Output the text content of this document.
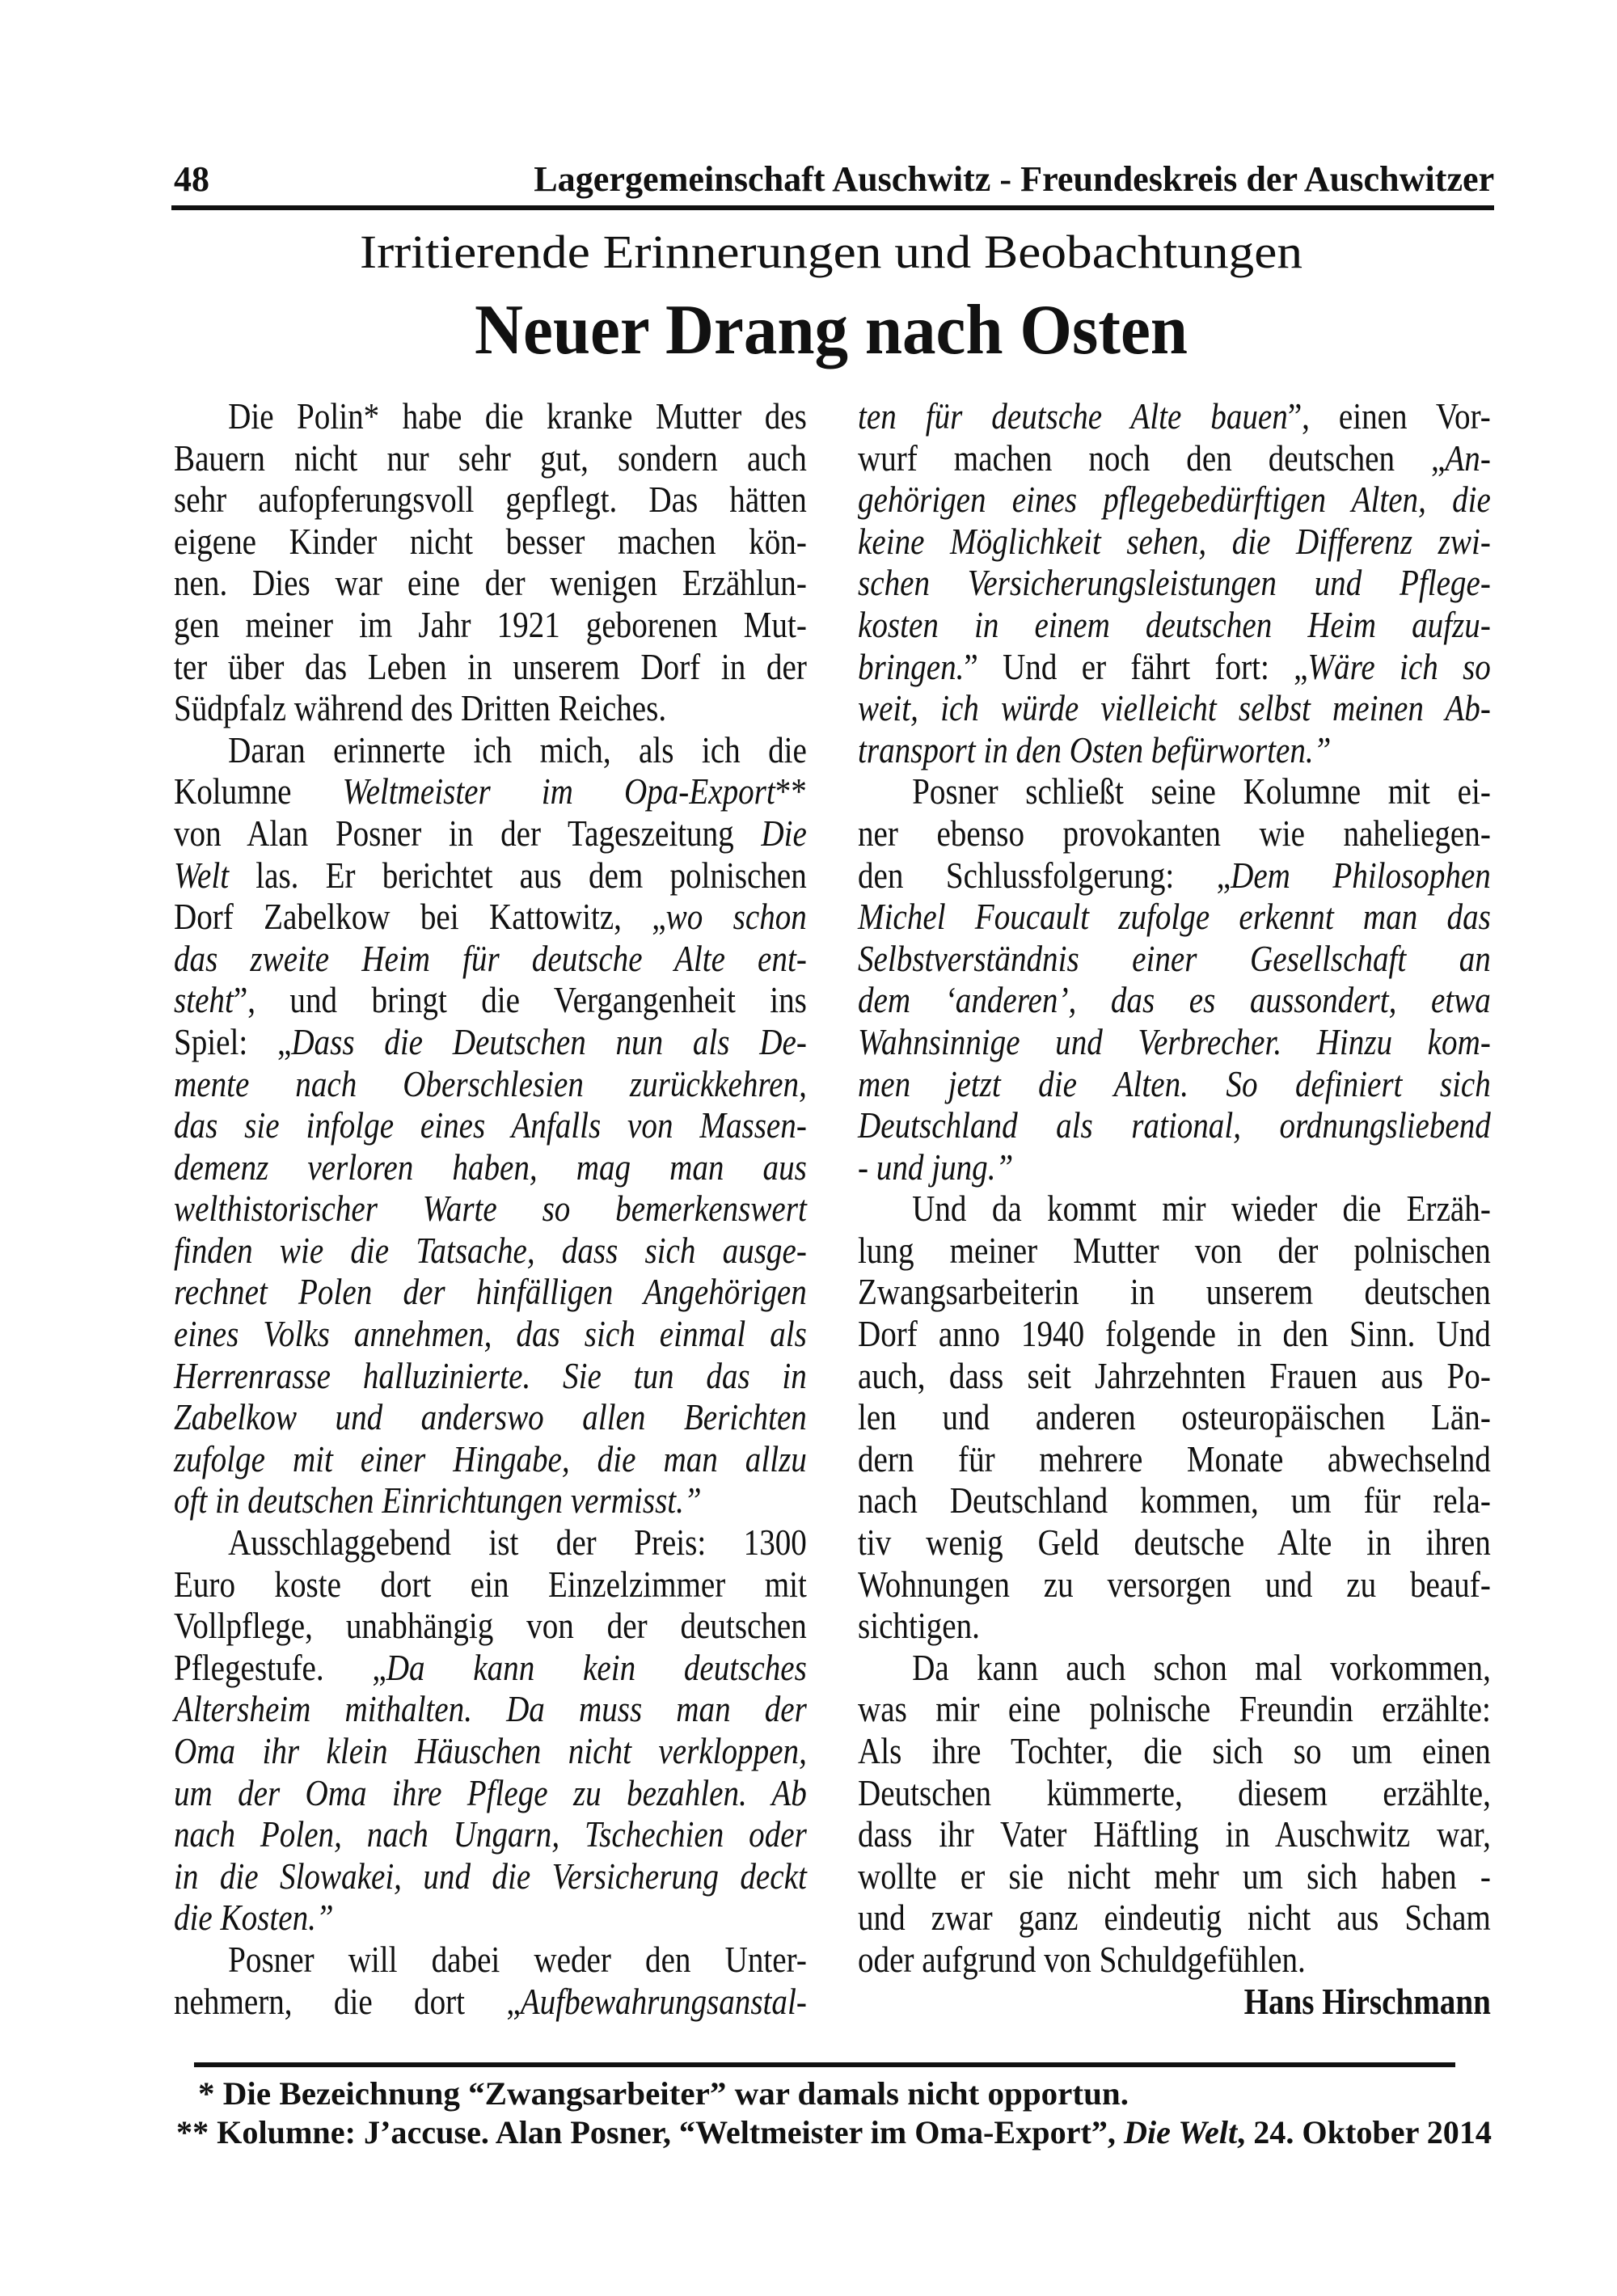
48	Lagergemeinschaft Auschwitz - Freundeskreis der Auschwitzer
Irritierende Erinnerungen und Beobachtungen
Neuer Drang nach Osten
Die Polin* habe die kranke Mutter des
Bauern nicht nur sehr gut, sondern auch
sehr aufopferungsvoll gepflegt. Das hätten
eigene Kinder nicht besser machen kön-
nen. Dies war eine der wenigen Erzählun-
gen meiner im Jahr 1921 geborenen Mut-
ter über das Leben in unserem Dorf in der
Südpfalz während des Dritten Reiches.
Daran erinnerte ich mich, als ich die
Kolumne Weltmeister im Opa-Export**
von Alan Posner in der Tageszeitung Die
Welt las. Er berichtet aus dem polnischen
Dorf Zabelkow bei Kattowitz, „wo schon
das zweite Heim für deutsche Alte ent-
steht”, und bringt die Vergangenheit ins
Spiel: „Dass die Deutschen nun als De-
mente nach Oberschlesien zurückkehren,
das sie infolge eines Anfalls von Massen-
demenz verloren haben, mag man aus
welthistorischer Warte so bemerkenswert
finden wie die Tatsache, dass sich ausge-
rechnet Polen der hinfälligen Angehörigen
eines Volks annehmen, das sich einmal als
Herrenrasse halluzinierte. Sie tun das in
Zabelkow und anderswo allen Berichten
zufolge mit einer Hingabe, die man allzu
oft in deutschen Einrichtungen vermisst.”
Ausschlaggebend ist der Preis: 1300
Euro koste dort ein Einzelzimmer mit
Vollpflege, unabhängig von der deutschen
Pflegestufe. „Da kann kein deutsches
Altersheim mithalten. Da muss man der
Oma ihr klein Häuschen nicht verkloppen,
um der Oma ihre Pflege zu bezahlen. Ab
nach Polen, nach Ungarn, Tschechien oder
in die Slowakei, und die Versicherung deckt
die Kosten.”
Posner will dabei weder den Unter-
nehmern, die dort „Aufbewahrungsanstal-
ten für deutsche Alte bauen”, einen Vor-
wurf machen noch den deutschen „An-
gehörigen eines pflegebedürftigen Alten, die
keine Möglichkeit sehen, die Differenz zwi-
schen Versicherungsleistungen und Pflege-
kosten in einem deutschen Heim aufzu-
bringen.” Und er fährt fort: „Wäre ich so
weit, ich würde vielleicht selbst meinen Ab-
transport in den Osten befürworten.”
Posner schließt seine Kolumne mit ei-
ner ebenso provokanten wie naheliegen-
den Schlussfolgerung: „Dem Philosophen
Michel Foucault zufolge erkennt man das
Selbstverständnis einer Gesellschaft an
dem ‘anderen’, das es aussondert, etwa
Wahnsinnige und Verbrecher. Hinzu kom-
men jetzt die Alten. So definiert sich
Deutschland als rational, ordnungsliebend
- und jung.”
Und da kommt mir wieder die Erzäh-
lung meiner Mutter von der polnischen
Zwangsarbeiterin in unserem deutschen
Dorf anno 1940 folgende in den Sinn. Und
auch, dass seit Jahrzehnten Frauen aus Po-
len und anderen osteuropäischen Län-
dern für mehrere Monate abwechselnd
nach Deutschland kommen, um für rela-
tiv wenig Geld deutsche Alte in ihren
Wohnungen zu versorgen und zu beauf-
sichtigen.
Da kann auch schon mal vorkommen,
was mir eine polnische Freundin erzählte:
Als ihre Tochter, die sich so um einen
Deutschen kümmerte, diesem erzählte,
dass ihr Vater Häftling in Auschwitz war,
wollte er sie nicht mehr um sich haben -
und zwar ganz eindeutig nicht aus Scham
oder aufgrund von Schuldgefühlen.
Hans Hirschmann
* Die Bezeichnung “Zwangsarbeiter” war damals nicht opportun.
** Kolumne: J’accuse. Alan Posner, “Weltmeister im Oma-Export”, Die Welt, 24. Oktober 2014
